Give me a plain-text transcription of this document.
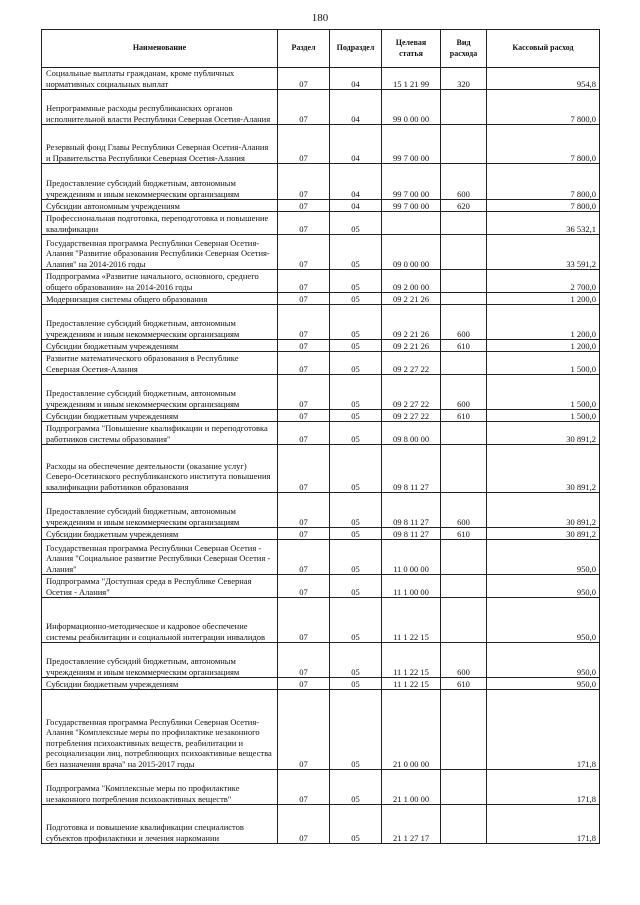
180
Наименование	Раздел	Подраздел	Целевая статья	Вид расхода	Кассовый расход
Социальные выплаты гражданам, кроме публичных нормативных социальных выплат	07	04	15 1 21 99	320	954,8
Непрограммные расходы республиканских органов исполнительной власти Республики Северная Осетия-Алания	07	04	99 0 00 00		7 800,0
Резервный фонд Главы Республики Северная Осетия-Алания и Правительства Республики Северная Осетия-Алания	07	04	99 7 00 00		7 800,0
Предоставление субсидий бюджетным, автономным учреждениям и иным некоммерческим организациям	07	04	99 7 00 00	600	7 800,0
Субсидии автономным учреждениям	07	04	99 7 00 00	620	7 800,0
Профессиональная подготовка, переподготовка и повышение квалификации	07	05			36 532,1
Государственная программа Республики Северная Осетия-Алания "Развитие образования Республики Северная Осетия-Алания" на 2014-2016 годы	07	05	09 0 00 00		33 591,2
Подпрограмма «Развитие начального, основного, среднего общего образования» на 2014-2016 годы	07	05	09 2 00 00		2 700,0
Модернизация системы общего образования	07	05	09 2 21 26		1 200,0
Предоставление субсидий бюджетным, автономным учреждениям и иным некоммерческим организациям	07	05	09 2 21 26	600	1 200,0
Субсидии бюджетным учреждениям	07	05	09 2 21 26	610	1 200,0
Развитие математического образования в Республике Северная Осетия-Алания	07	05	09 2 27 22		1 500,0
Предоставление субсидий бюджетным, автономным учреждениям и иным некоммерческим организациям	07	05	09 2 27 22	600	1 500,0
Субсидии бюджетным учреждениям	07	05	09 2 27 22	610	1 500,0
Подпрограмма "Повышение квалификации и переподготовка работников системы образования"	07	05	09 8 00 00		30 891,2
Расходы на обеспечение деятельности (оказание услуг) Северо-Осетинского республиканского института повышения квалификации работников образования	07	05	09 8 11 27		30 891,2
Предоставление субсидий бюджетным, автономным учреждениям и иным некоммерческим организациям	07	05	09 8 11 27	600	30 891,2
Субсидии бюджетным учреждениям	07	05	09 8 11 27	610	30 891,2
Государственная программа Республики Северная Осетия - Алания "Социальное развитие Республики Северная Осетия - Алания"	07	05	11 0 00 00		950,0
Подпрограмма "Доступная среда в Республике Северная Осетия - Алания"	07	05	11 1 00 00		950,0
Информационно-методическое и кадровое обеспечение системы реабилитации и социальной интеграции инвалидов	07	05	11 1 22 15		950,0
Предоставление субсидий бюджетным, автономным учреждениям и иным некоммерческим организациям	07	05	11 1 22 15	600	950,0
Субсидии бюджетным учреждениям	07	05	11 1 22 15	610	950,0
Государственная программа Республики Северная Осетия-Алания "Комплексные меры по профилактике незаконного потребления психоактивных веществ, реабилитации и ресоциализации лиц, потребляющих психоактивные вещества без назначения врача" на 2015-2017 годы	07	05	21 0 00 00		171,8
Подпрограмма "Комплексные меры по профилактике незаконного потребления психоактивных веществ"	07	05	21 1 00 00		171,8
Подготовка и повышение квалификации специалистов субъектов профилактики и лечения наркомании	07	05	21 1 27 17		171,8
